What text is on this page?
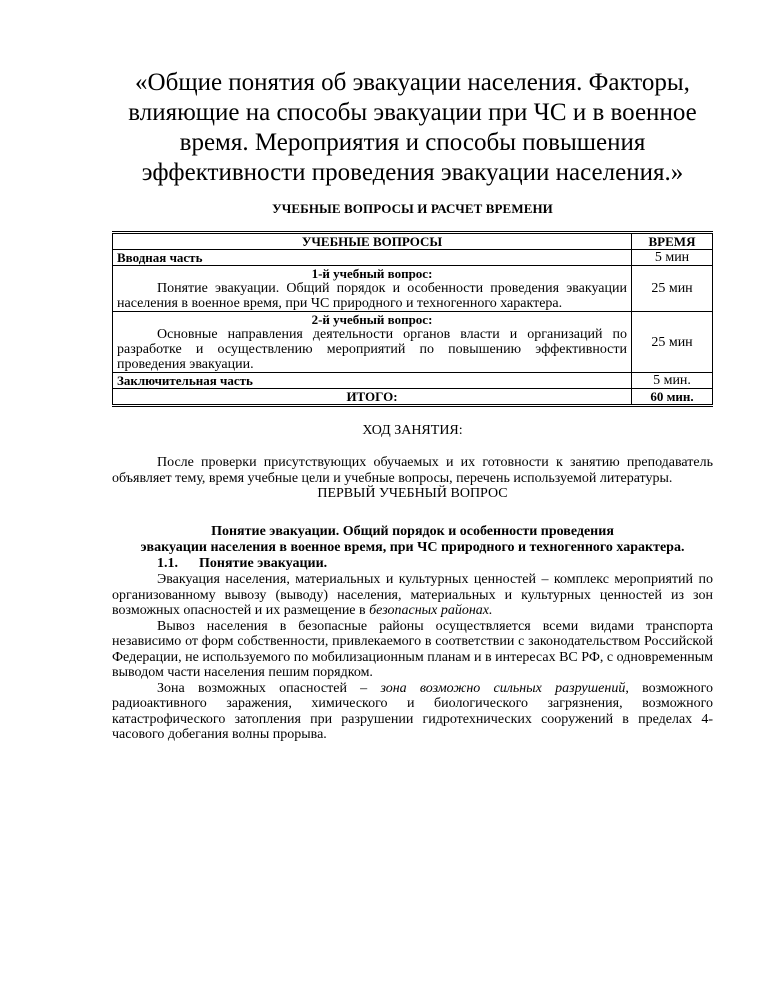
«Общие понятия об эвакуации населения. Факторы, влияющие на способы эвакуации при ЧС и в военное время. Мероприятия и способы повышения эффективности проведения эвакуации населения.»
УЧЕБНЫЕ ВОПРОСЫ И РАСЧЕТ ВРЕМЕНИ
УЧЕБНЫЕ ВОПРОСЫ	ВРЕМЯ
Вводная часть	5 мин

1-й учебный вопрос:
Понятие эвакуации. Общий порядок и особенности проведения эвакуации населения в военное время, при ЧС природного и техногенного характера.	25 мин

2-й учебный вопрос:
Основные направления деятельности органов власти и организаций по разработке и осуществлению мероприятий по повышению эффективности проведения эвакуации.	25 мин
Заключительная часть	5 мин.
ИТОГО:	60 мин.
ХОД ЗАНЯТИЯ:

После проверки присутствующих обучаемых и их готовности к занятию преподаватель объявляет тему, время учебные цели и учебные вопросы, перечень используемой литературы.

ПЕРВЫЙ УЧЕБНЫЙ ВОПРОС

Понятие эвакуации. Общий порядок и особенности проведения
эвакуации населения в военное время, при ЧС природного и техногенного характера.

1.1. Понятие эвакуации.

Эвакуация населения, материальных и культурных ценностей – комплекс мероприятий по организованному вывозу (выводу) населения, материальных и культурных ценностей из зон возможных опасностей и их размещение в безопасных районах.

Вывоз населения в безопасные районы осуществляется всеми видами транспорта независимо от форм собственности, привлекаемого в соответствии с законодательством Российской Федерации, не используемого по мобилизационным планам и в интересах ВС РФ, с одновременным выводом части населения пешим порядком.

Зона возможных опасностей – зона возможно сильных разрушений, возможного радиоактивного заражения, химического и биологического загрязнения, возможного катастрофического затопления при разрушении гидротехнических сооружений в пределах 4-часового добегания волны прорыва.
